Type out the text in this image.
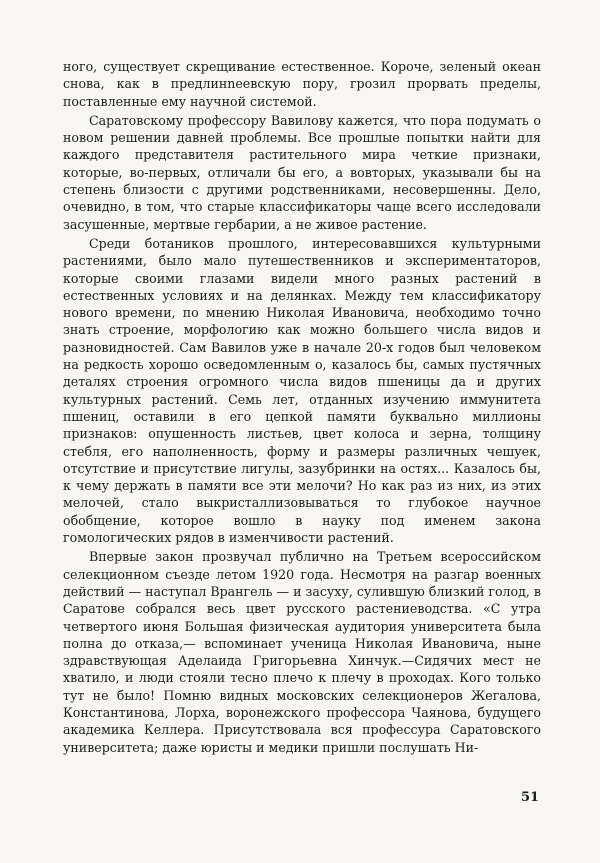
ного, существует скрещивание естественное. Короче, зеленый океан снова, как в предлинneевскую пору, грозил прорвать пределы, поставленные ему научной системой.

Саратовскому профессору Вавилову кажется, что пора подумать о новом решении давней проблемы. Все прошлые попытки найти для каждого представителя растительного мира четкие признаки, которые, во-первых, отличали бы его, а вовторых, указывали бы на степень близости с другими родственниками, несовершенны. Дело, очевидно, в том, что старые классификаторы чаще всего исследовали засушенные, мертвые гербарии, а не живое растение.

Среди ботаников прошлого, интересовавшихся культурными растениями, было мало путешественников и экспериментаторов, которые своими глазами видели много разных растений в естественных условиях и на делянках. Между тем классификатору нового времени, по мнению Николая Ивановича, необходимо точно знать строение, морфологию как можно большего числа видов и разновидностей. Сам Вавилов уже в начале 20-х годов был человеком на редкость хорошо осведомленным о, казалось бы, самых пустячных деталях строения огромного числа видов пшеницы да и других культурных растений. Семь лет, отданных изучению иммунитета пшениц, оставили в его цепкой памяти буквально миллионы признаков: опушенность листьев, цвет колоса и зерна, толщину стебля, его наполненность, форму и размеры различных чешуек, отсутствие и присутствие лигулы, зазубринки на остях... Казалось бы, к чему держать в памяти все эти мелочи? Но как раз из них, из этих мелочей, стало выкристаллизовываться то глубокое научное обобщение, которое вошло в науку под именем закона гомологических рядов в изменчивости растений.

Впервые закон прозвучал публично на Третьем всероссийском селекционном съезде летом 1920 года. Несмотря на разгар военных действий — наступал Врангель — и засуху, сулившую близкий голод, в Саратове собрался весь цвет русского растениеводства. «С утра четвертого июня Большая физическая аудитория университета была полна до отказа,— вспоминает ученица Николая Ивановича, ныне здравствующая Аделаида Григорьевна Хинчук.—Сидячих мест не хватило, и люди стояли тесно плечо к плечу в проходах. Кого только тут не было! Помню видных московских селекционеров Жегалова, Константинова, Лорха, воронежского профессора Чаянова, будущего академика Келлера. Присутствовала вся профессура Саратовского университета; даже юристы и медики пришли послушать Ни-

51
